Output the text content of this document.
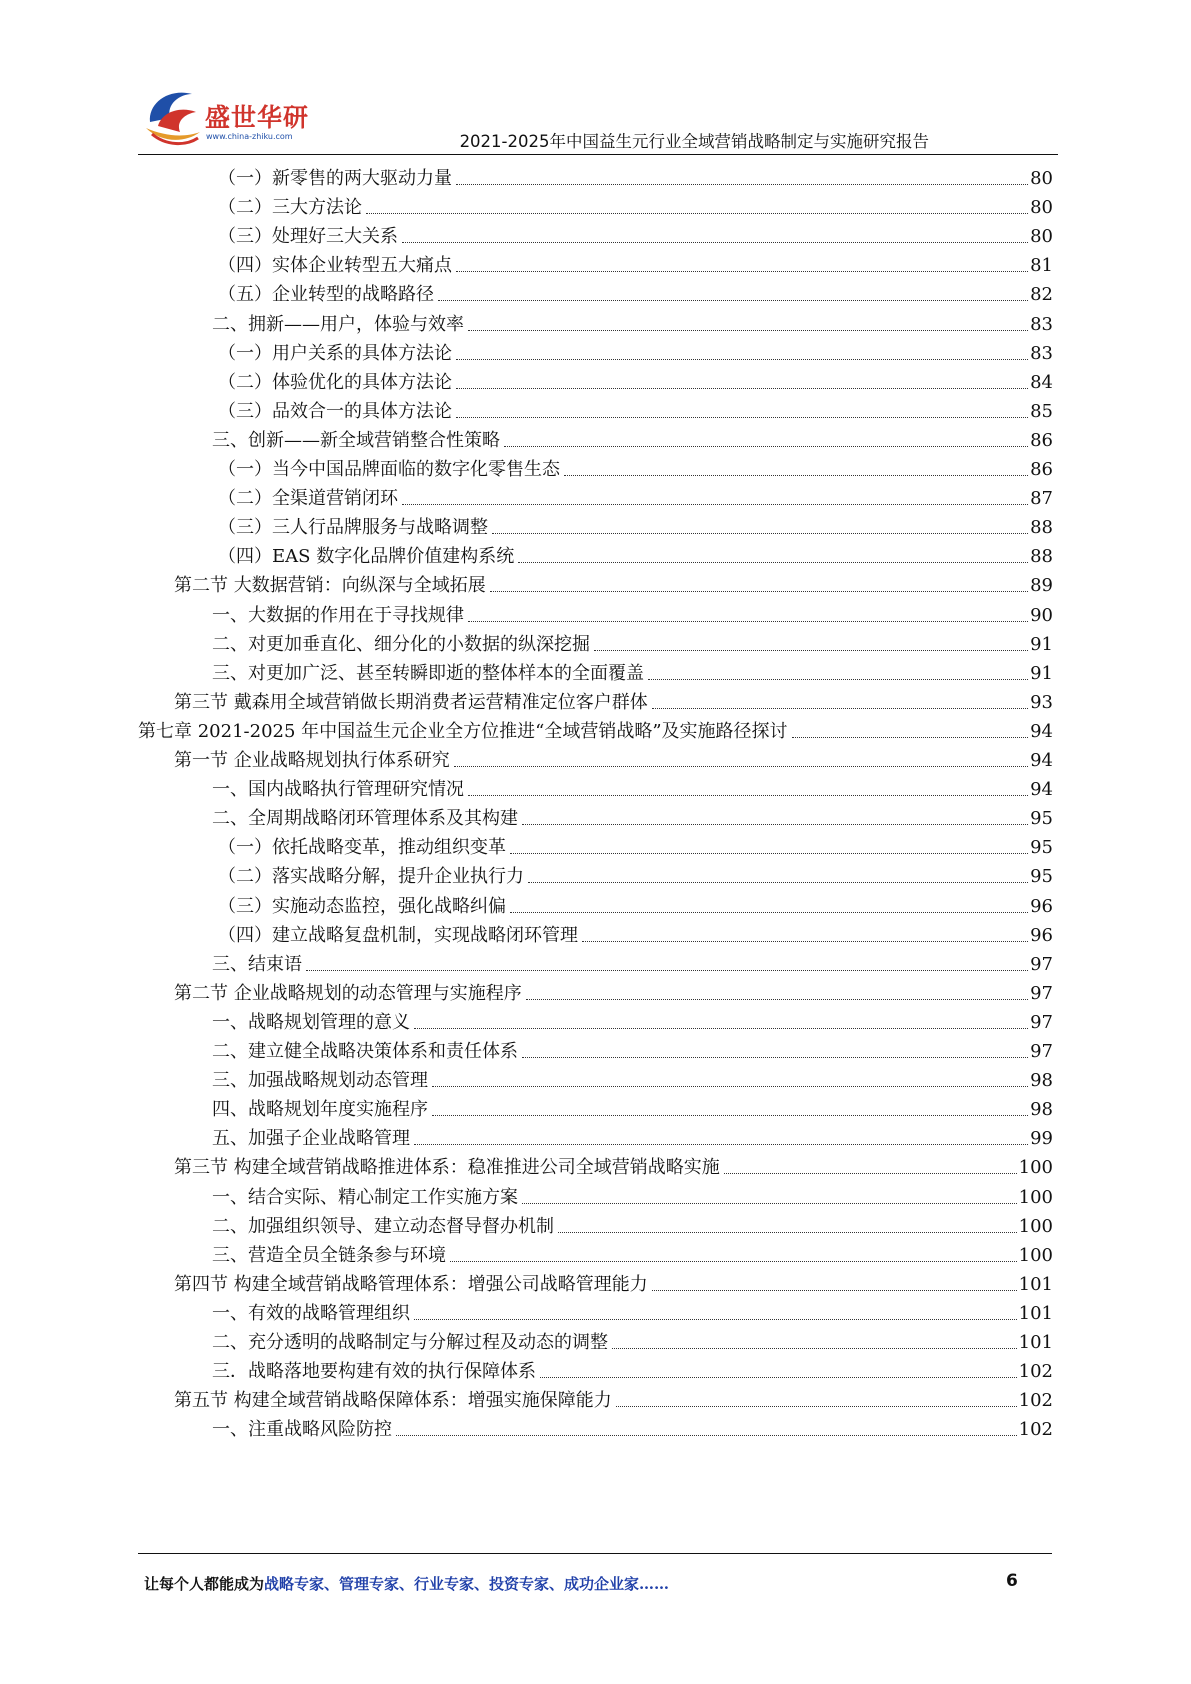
盛世华研
www.china-zhiku.com	2021-2025年中国益生元行业全域营销战略制定与实施研究报告
（一）新零售的两大驱动力量	80
（二）三大方法论	80
（三）处理好三大关系	80
（四）实体企业转型五大痛点	81
（五）企业转型的战略路径	82
二、拥新——用户，体验与效率	83
（一）用户关系的具体方法论	83
（二）体验优化的具体方法论	84
（三）品效合一的具体方法论	85
三、创新——新全域营销整合性策略	86
（一）当今中国品牌面临的数字化零售生态	86
（二）全渠道营销闭环	87
（三）三人行品牌服务与战略调整	88
（四）EAS 数字化品牌价值建构系统	88
第二节 大数据营销：向纵深与全域拓展	89
一、大数据的作用在于寻找规律	90
二、对更加垂直化、细分化的小数据的纵深挖掘	91
三、对更加广泛、甚至转瞬即逝的整体样本的全面覆盖	91
第三节 戴森用全域营销做长期消费者运营精准定位客户群体	93
第七章 2021-2025 年中国益生元企业全方位推进“全域营销战略”及实施路径探讨	94
第一节 企业战略规划执行体系研究	94
一、国内战略执行管理研究情况	94
二、全周期战略闭环管理体系及其构建	95
（一）依托战略变革，推动组织变革	95
（二）落实战略分解，提升企业执行力	95
（三）实施动态监控，强化战略纠偏	96
（四）建立战略复盘机制，实现战略闭环管理	96
三、结束语	97
第二节 企业战略规划的动态管理与实施程序	97
一、战略规划管理的意义	97
二、建立健全战略决策体系和责任体系	97
三、加强战略规划动态管理	98
四、战略规划年度实施程序	98
五、加强子企业战略管理	99
第三节 构建全域营销战略推进体系：稳准推进公司全域营销战略实施	100
一、结合实际、精心制定工作实施方案	100
二、加强组织领导、建立动态督导督办机制	100
三、营造全员全链条参与环境	100
第四节 构建全域营销战略管理体系：增强公司战略管理能力	101
一、有效的战略管理组织	101
二、充分透明的战略制定与分解过程及动态的调整	101
三．战略落地要构建有效的执行保障体系	102
第五节 构建全域营销战略保障体系：增强实施保障能力	102
一、注重战略风险防控	102
让每个人都能成为战略专家、管理专家、行业专家、投资专家、成功企业家……	6
